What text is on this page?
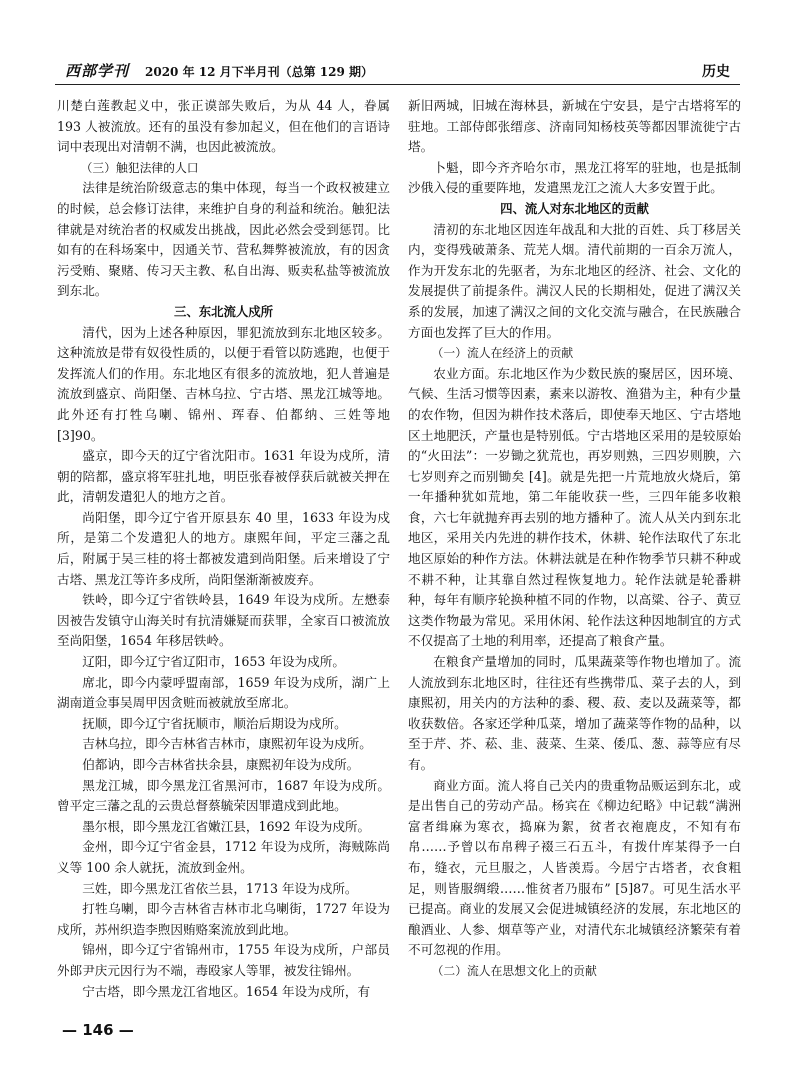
西部学刊 2020 年 12 月下半月刊（总第 129 期）	历史

川楚白莲教起义中，张正谟部失败后，为从 44 人，眷属 193 人被流放。还有的虽没有参加起义，但在他们的言语诗词中表现出对清朝不满，也因此被流放。

（三）触犯法律的人口

法律是统治阶级意志的集中体现，每当一个政权被建立的时候，总会修订法律，来维护自身的利益和统治。触犯法律就是对统治者的权威发出挑战，因此必然会受到惩罚。比如有的在科场案中，因通关节、营私舞弊被流放，有的因贪污受贿、聚赌、传习天主教、私自出海、贩卖私盐等被流放到东北。

三、东北流人戍所

清代，因为上述各种原因，罪犯流放到东北地区较多。这种流放是带有奴役性质的，以便于看管以防逃跑，也便于发挥流人们的作用。东北地区有很多的流放地，犯人普遍是流放到盛京、尚阳堡、吉林乌拉、宁古塔、黑龙江城等地。此外还有打牲乌喇、锦州、珲春、伯都纳、三姓等地 [3]90。

盛京，即今天的辽宁省沈阳市。1631 年设为戍所，清朝的陪都，盛京将军驻扎地，明臣张春被俘获后就被关押在此，清朝发遣犯人的地方之首。

尚阳堡，即今辽宁省开原县东 40 里，1633 年设为戍所，是第二个发遣犯人的地方。康熙年间，平定三藩之乱后，附属于吴三桂的将士都被发遣到尚阳堡。后来增设了宁古塔、黑龙江等许多戍所，尚阳堡渐渐被废弃。

铁岭，即今辽宁省铁岭县，1649 年设为戍所。左懋泰因被告发镇守山海关时有抗清嫌疑而获罪，全家百口被流放至尚阳堡，1654 年移居铁岭。

辽阳，即今辽宁省辽阳市，1653 年设为戍所。

席北，即今内蒙呼盟南部，1659 年设为戍所，湖广上湖南道佥事吴周甲因贪赃而被就放至席北。

抚顺，即今辽宁省抚顺市，顺治后期设为戍所。

吉林乌拉，即今吉林省吉林市，康熙初年设为戍所。

伯都讷，即今吉林省扶余县，康熙初年设为戍所。

黑龙江城，即今黑龙江省黑河市，1687 年设为戍所。曾平定三藩之乱的云贵总督蔡毓荣因罪遣戍到此地。

墨尔根，即今黑龙江省嫩江县，1692 年设为戍所。

金州，即今辽宁省金县，1712 年设为戍所，海贼陈尚义等 100 余人就抚，流放到金州。

三姓，即今黑龙江省依兰县，1713 年设为戍所。

打牲乌喇，即今吉林省吉林市北乌喇街，1727 年设为戍所，苏州织造李煦因贿赂案流放到此地。

锦州，即今辽宁省锦州市，1755 年设为戍所，户部员外郎尹庆元因行为不端，毒殴家人等罪，被发往锦州。

宁古塔，即今黑龙江省地区。1654 年设为戍所，有

新旧两城，旧城在海林县，新城在宁安县，是宁古塔将军的驻地。工部侍郎张缙彦、济南同知杨枝英等都因罪流徙宁古塔。

卜魁，即今齐齐哈尔市，黑龙江将军的驻地，也是抵制沙俄入侵的重要阵地，发遣黑龙江之流人大多安置于此。

四、流人对东北地区的贡献

清初的东北地区因连年战乱和大批的百姓、兵丁移居关内，变得残破萧条、荒芜人烟。清代前期的一百余万流人，作为开发东北的先驱者，为东北地区的经济、社会、文化的发展提供了前提条件。满汉人民的长期相处，促进了满汉关系的发展，加速了满汉之间的文化交流与融合，在民族融合方面也发挥了巨大的作用。

（一）流人在经济上的贡献

农业方面。东北地区作为少数民族的聚居区，因环境、气候、生活习惯等因素，素来以游牧、渔猎为主，种有少量的农作物，但因为耕作技术落后，即使奉天地区、宁古塔地区土地肥沃，产量也是特别低。宁古塔地区采用的是较原始的“火田法”：一岁锄之犹荒也，再岁则熟，三四岁则腴，六七岁则弃之而别锄矣 [4]。就是先把一片荒地放火烧后，第一年播种犹如荒地，第二年能收获一些，三四年能多收粮食，六七年就抛弃再去别的地方播种了。流人从关内到东北地区，采用关内先进的耕作技术，休耕、轮作法取代了东北地区原始的种作方法。休耕法就是在种作物季节只耕不种或不耕不种，让其靠自然过程恢复地力。轮作法就是轮番耕种，每年有顺序轮换种植不同的作物，以高粱、谷子、黄豆这类作物最为常见。采用休闲、轮作法这种因地制宜的方式不仅提高了土地的利用率，还提高了粮食产量。

在粮食产量增加的同时，瓜果蔬菜等作物也增加了。流人流放到东北地区时，往往还有些携带瓜、菜子去的人，到康熙初，用关内的方法种的黍、稷、菽、麦以及蔬菜等，都收获数倍。各家还学种瓜菜，增加了蔬菜等作物的品种，以至于芹、芥、菘、韭、菠菜、生菜、倭瓜、葱、蒜等应有尽有。

商业方面。流人将自己关内的贵重物品贩运到东北，或是出售自己的劳动产品。杨宾在《柳边纪略》中记载“满洲富者缉麻为寒衣，捣麻为絮，贫者衣袍鹿皮，不知有布帛……予曾以布帛稗子裰三石五斗，有拨什库某得予一白布，缝衣，元旦服之，人皆羡焉。今居宁古塔者，衣食粗足，则皆服绸缎……惟贫者乃服布” [5]87。可见生活水平已提高。商业的发展又会促进城镇经济的发展，东北地区的酿酒业、人参、烟草等产业，对清代东北城镇经济繁荣有着不可忽视的作用。

（二）流人在思想文化上的贡献

— 146 —
